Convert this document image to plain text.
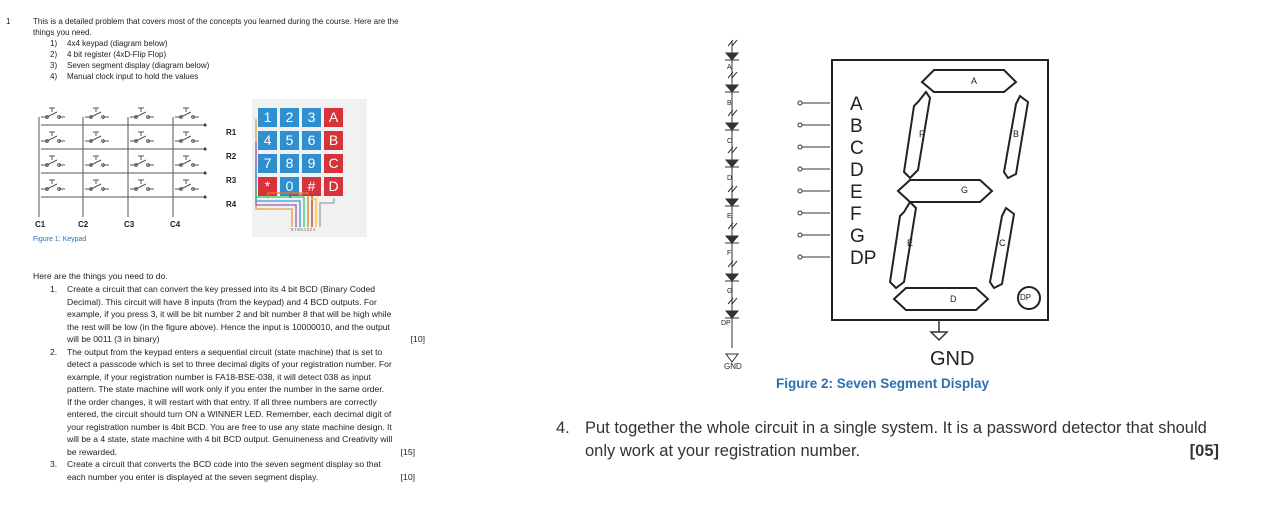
1	This is a detailed problem that covers most of the concepts you learned during the course. Here are the
things you need.
1) 4x4 keypad (diagram below)
2) 4 bit register (4xD-Flip Flop)
3) Seven segment display (diagram below)
4) Manual clock input to hold the values
R1
R2
R3
R4
C1	C2	C3	C4
Figure 1: Keypad
1	2	3 A
4	5	6 B
7	8	9 C
*	0	# D
87654321
Here are the things you need to do.
1. Create a circuit that can convert the key pressed into its 4 bit BCD (Binary Coded
Decimal). This circuit will have 8 inputs (from the keypad) and 4 BCD outputs. For
example, if you press 3, it will be bit number 2 and bit number 8 that will be high while
the rest will be low (in the figure above). Hence the input is 10000010, and the output
will be 0011 (3 in binary)	[10]
2. The output from the keypad enters a sequential circuit (state machine) that is set to
detect a passcode which is set to three decimal digits of your registration number. For
example, if your registration number is FA18-BSE-038, it will detect 038 as input
pattern. The state machine will work only if you enter the number in the same order.
If the order changes, it will restart with that entry. If all three numbers are correctly
entered, the circuit should turn ON a WINNER LED. Remember, each decimal digit of
your registration number is 4bit BCD. You are free to use any state machine design. It
will be a 4 state, state machine with 4 bit BCD output. Genuineness and Creativity will
be rewarded.	[15]
3. Create a circuit that converts the BCD code into the seven segment display so that
each number you enter is displayed at the seven segment display.	[10]
A
B
C
D
E
F
G
DP
GND
A
B
C
D
E
F
G
DP
A
B
C
D
E
F
G
DP
GND
Figure 2: Seven Segment Display
4. Put together the whole circuit in a single system. It is a password detector that should
only work at your registration number.	[05]
